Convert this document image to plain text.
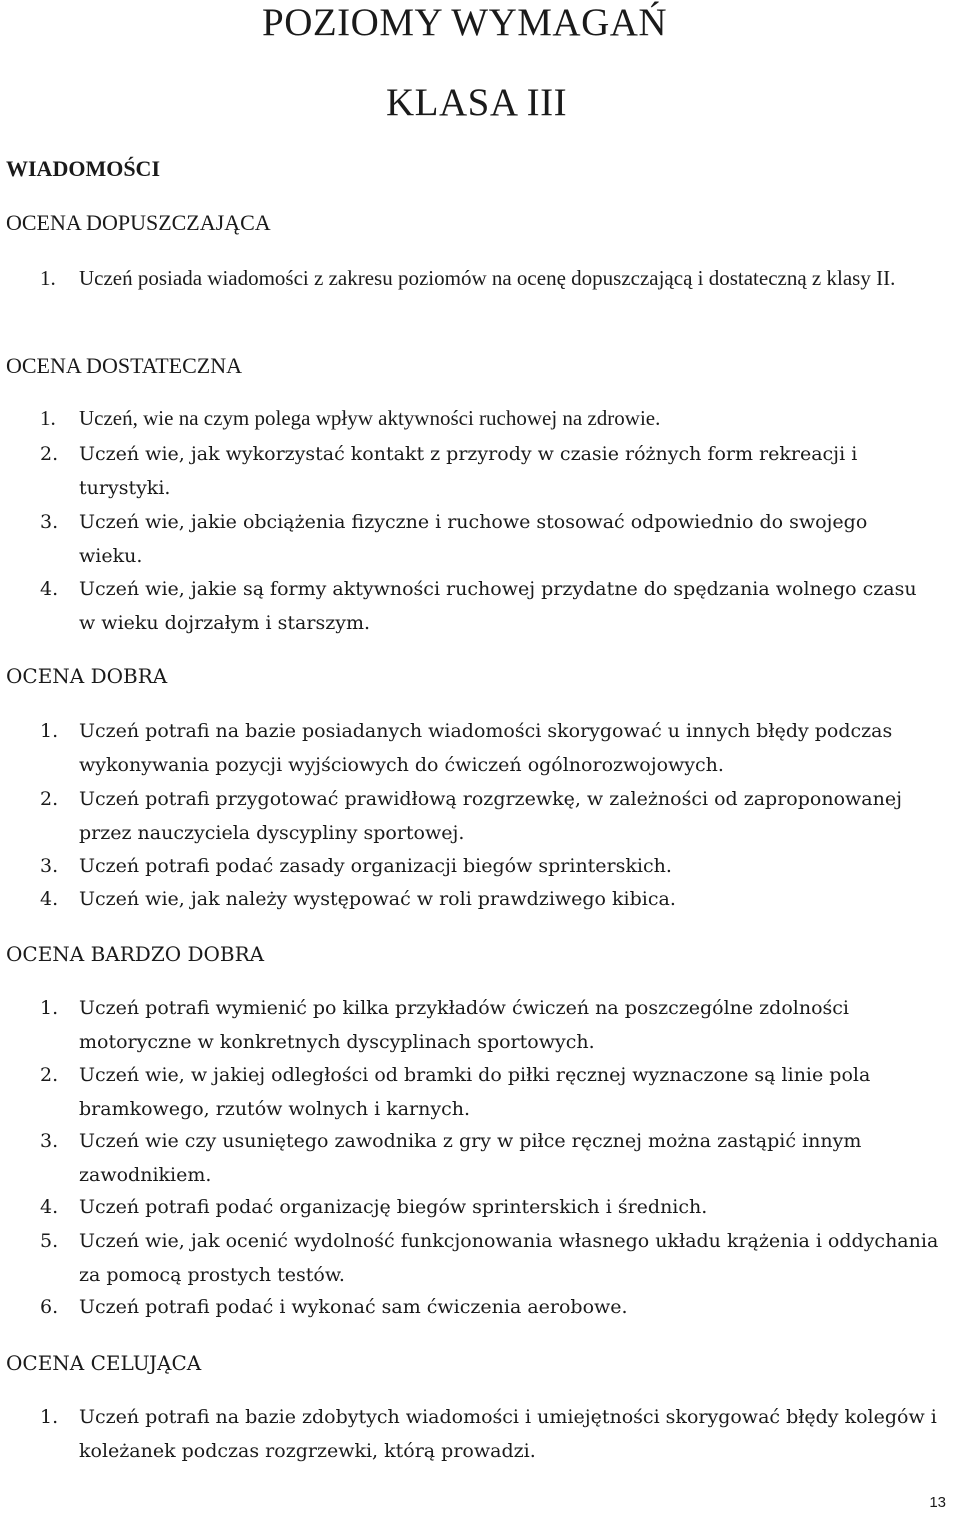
POZIOMY WYMAGAŃ
KLASA III
WIADOMOŚCI
OCENA DOPUSZCZAJĄCA
1. Uczeń posiada wiadomości z zakresu poziomów na ocenę dopuszczającą i dostateczną z klasy II.
OCENA DOSTATECZNA
1. Uczeń, wie na czym polega wpływ aktywności ruchowej na zdrowie.
2. Uczeń wie, jak wykorzystać kontakt z przyrody w czasie różnych form rekreacji i turystyki.
3. Uczeń wie, jakie obciążenia fizyczne i ruchowe stosować odpowiednio do swojego wieku.
4. Uczeń wie, jakie są formy aktywności ruchowej przydatne do spędzania wolnego czasu w wieku dojrzałym i starszym.
OCENA DOBRA
1. Uczeń potrafi na bazie posiadanych wiadomości skorygować u innych błędy podczas wykonywania pozycji wyjściowych do ćwiczeń ogólnorozwojowych.
2. Uczeń potrafi przygotować prawidłową rozgrzewkę, w zależności od zaproponowanej przez nauczyciela dyscypliny sportowej.
3. Uczeń potrafi podać zasady organizacji biegów sprinterskich.
4. Uczeń wie, jak należy występować w roli prawdziwego kibica.
OCENA BARDZO DOBRA
1. Uczeń potrafi wymienić po kilka przykładów ćwiczeń na poszczególne zdolności motoryczne w konkretnych dyscyplinach sportowych.
2. Uczeń wie, w jakiej odległości od bramki do piłki ręcznej wyznaczone są linie pola bramkowego, rzutów wolnych i karnych.
3. Uczeń wie czy usuniętego zawodnika z gry w piłce ręcznej można zastąpić innym zawodnikiem.
4. Uczeń potrafi podać organizację biegów sprinterskich i średnich.
5. Uczeń wie, jak ocenić wydolność funkcjonowania własnego układu krążenia i oddychania za pomocą prostych testów.
6. Uczeń potrafi podać i wykonać sam ćwiczenia aerobowe.
OCENA CELUJĄCA
1. Uczeń potrafi na bazie zdobytych wiadomości i umiejętności skorygować błędy kolegów i koleżanek podczas rozgrzewki, którą prowadzi.
13
